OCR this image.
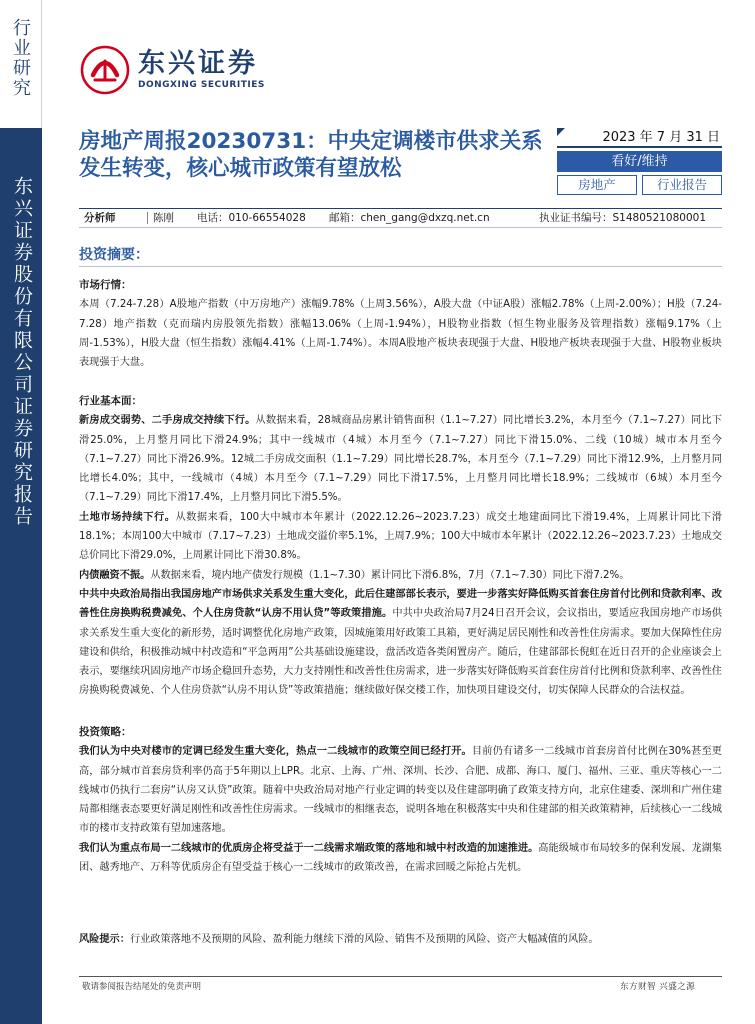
行业研究
东兴证券股份有限公司证券研究报告
东兴证券
DONGXING SECURITIES
房地产周报20230731：中央定调楼市供求关系发生转变，核心城市政策有望放松
2023 年 7 月 31 日
看好/维持
房地产	行业报告
分析师	陈刚 电话：010-66554028 邮箱：chen_gang@dxzq.net.cn	执业证书编号：S1480521080001
投资摘要：
市场行情：
本周（7.24-7.28）A股地产指数（中万房地产）涨幅9.78%（上周3.56%），A股大盘（中证A股）涨幅2.78%（上周-2.00%）；H股（7.24-7.28）地产指数（克而瑞内房股领先指数）涨幅13.06%（上周-1.94%），H股物业指数（恒生物业服务及管理指数）涨幅9.17%（上周-1.53%），H股大盘（恒生指数）涨幅4.41%（上周-1.74%）。本周A股地产板块表现强于大盘、H股地产板块表现强于大盘、H股物业板块表现强于大盘。
行业基本面：
新房成交弱势、二手房成交持续下行。从数据来看，28城商品房累计销售面积（1.1~7.27）同比增长3.2%，本月至今（7.1~7.27）同比下滑25.0%，上月整月同比下滑24.9%；其中一线城市（4城）本月至今（7.1~7.27）同比下滑15.0%、二线（10城）城市本月至今（7.1~7.27）同比下滑26.9%。12城二手房成交面积（1.1~7.29）同比增长28.7%，本月至今（7.1~7.29）同比下滑12.9%，上月整月同比增长4.0%；其中，一线城市（4城）本月至今（7.1~7.29）同比下滑17.5%，上月整月同比增长18.9%；二线城市（6城）本月至今（7.1~7.29）同比下滑17.4%，上月整月同比下滑5.5%。
土地市场持续下行。从数据来看，100大中城市本年累计（2022.12.26~2023.7.23）成交土地建面同比下滑19.4%，上周累计同比下滑18.1%；本周100大中城市（7.17~7.23）土地成交溢价率5.1%，上周7.9%；100大中城市本年累计（2022.12.26~2023.7.23）土地成交总价同比下滑29.0%，上周累计同比下滑30.8%。
内债融资不振。从数据来看，境内地产债发行规模（1.1~7.30）累计同比下滑6.8%，7月（7.1~7.30）同比下滑7.2%。
中共中央政治局指出我国房地产市场供求关系发生重大变化，此后住建部部长表示，要进一步落实好降低购买首套住房首付比例和贷款利率、改善性住房换购税费减免、个人住房贷款“认房不用认贷”等政策措施。中共中央政治局7月24日召开会议，会议指出，要适应我国房地产市场供求关系发生重大变化的新形势，适时调整优化房地产政策，因城施策用好政策工具箱，更好满足居民刚性和改善性住房需求。要加大保障性住房建设和供给，积极推动城中村改造和“平急两用”公共基础设施建设，盘活改造各类闲置房产。随后，住建部部长倪虹在近日召开的企业座谈会上表示，要继续巩固房地产市场企稳回升态势，大力支持刚性和改善性住房需求，进一步落实好降低购买首套住房首付比例和贷款利率、改善性住房换购税费减免、个人住房贷款“认房不用认贷”等政策措施；继续做好保交楼工作，加快项目建设交付，切实保障人民群众的合法权益。
投资策略：
我们认为中央对楼市的定调已经发生重大变化，热点一二线城市的政策空间已经打开。目前仍有诸多一二线城市首套房首付比例在30%甚至更高，部分城市首套房贷利率仍高于5年期以上LPR。北京、上海、广州、深圳、长沙、合肥、成都、海口、厦门、福州、三亚、重庆等核心一二线城市仍执行二套房“认房又认贷”政策。随着中央政治局对地产行业定调的转变以及住建部明确了政策支持方向，北京住建委、深圳和广州住建局都相继表态要更好满足刚性和改善性住房需求。一线城市的相继表态，说明各地在积极落实中央和住建部的相关政策精神，后续核心一二线城市的楼市支持政策有望加速落地。
我们认为重点布局一二线城市的优质房企将受益于一二线需求端政策的落地和城中村改造的加速推进。高能级城市布局较多的保利发展、龙湖集团、越秀地产、万科等优质房企有望受益于核心一二线城市的政策改善，在需求回暖之际抢占先机。
风险提示：行业政策落地不及预期的风险、盈利能力继续下滑的风险、销售不及预期的风险、资产大幅减值的风险。
敬请参阅报告结尾处的免责声明	东方财智 兴盛之源
